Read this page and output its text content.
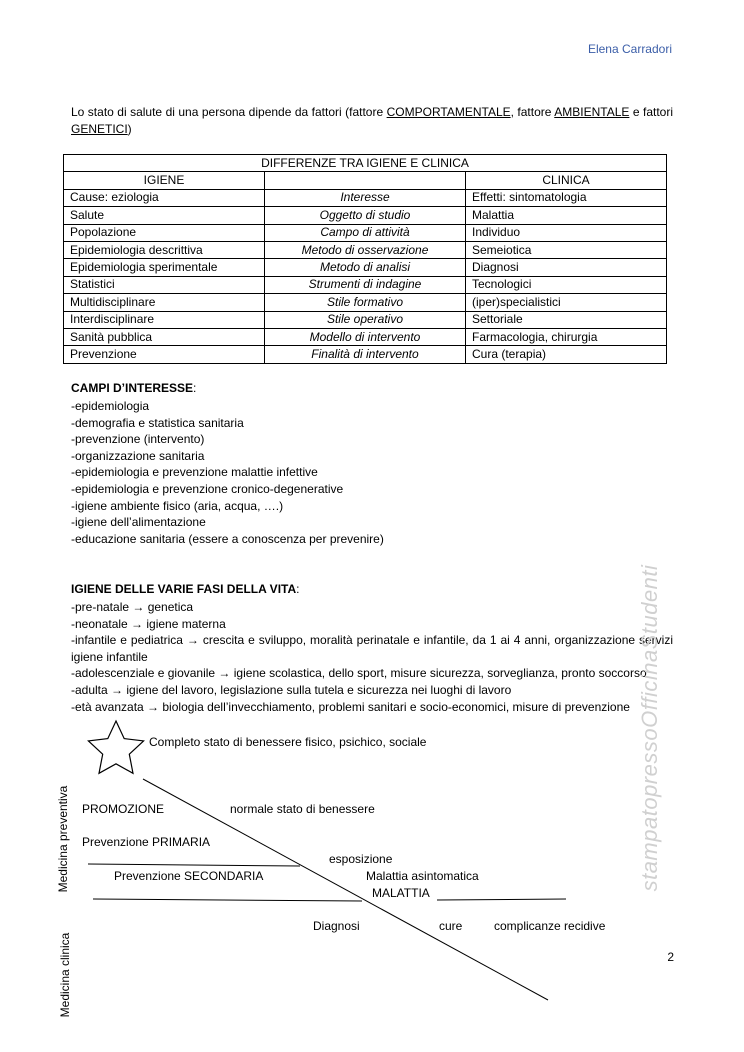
Elena Carradori
Lo stato di salute di una persona dipende da fattori (fattore COMPORTAMENTALE, fattore AMBIENTALE e fattori GENETICI)
DIFFERENZE TRA IGIENE E CLINICA		
IGIENE		CLINICA
Cause: eziologia	Interesse	Effetti: sintomatologia
Salute	Oggetto di studio	Malattia
Popolazione	Campo di attività	Individuo
Epidemiologia descrittiva	Metodo di osservazione	Semeiotica
Epidemiologia sperimentale	Metodo di analisi	Diagnosi
Statistici	Strumenti di indagine	Tecnologici
Multidisciplinare	Stile formativo	(iper)specialistici
Interdisciplinare	Stile operativo	Settoriale
Sanità pubblica	Modello di intervento	Farmacologia, chirurgia
Prevenzione	Finalità di intervento	Cura (terapia)
CAMPI D’INTERESSE:
-epidemiologia
-demografia e statistica sanitaria
-prevenzione (intervento)
-organizzazione sanitaria
-epidemiologia e prevenzione malattie infettive
-epidemiologia e prevenzione cronico-degenerative
-igiene ambiente fisico (aria, acqua, ….)
-igiene dell’alimentazione
-educazione sanitaria (essere a conoscenza per prevenire)
IGIENE DELLE VARIE FASI DELLA VITA:
-pre-natale → genetica
-neonatale → igiene materna
-infantile e pediatrica → crescita e sviluppo, moralità perinatale e infantile, da 1 ai 4 anni, organizzazione servizi igiene infantile
-adolescenziale e giovanile → igiene scolastica, dello sport, misure sicurezza, sorveglianza, pronto soccorso
-adulta → igiene del lavoro, legislazione sulla tutela e sicurezza nei luoghi di lavoro
-età avanzata → biologia dell’invecchiamento, problemi sanitari e socio-economici, misure di prevenzione stampatopressoOfficinaStudenti
Completo stato di benessere fisico, psichico, sociale
PROMOZIONE	normale stato di benessere
Prevenzione PRIMARIA
esposizione
Prevenzione SECONDARIA	Malattia asintomatica
MALATTIA
Diagnosi	cure	complicanze recidive
Medicina preventiva
Medicina clinica	2
